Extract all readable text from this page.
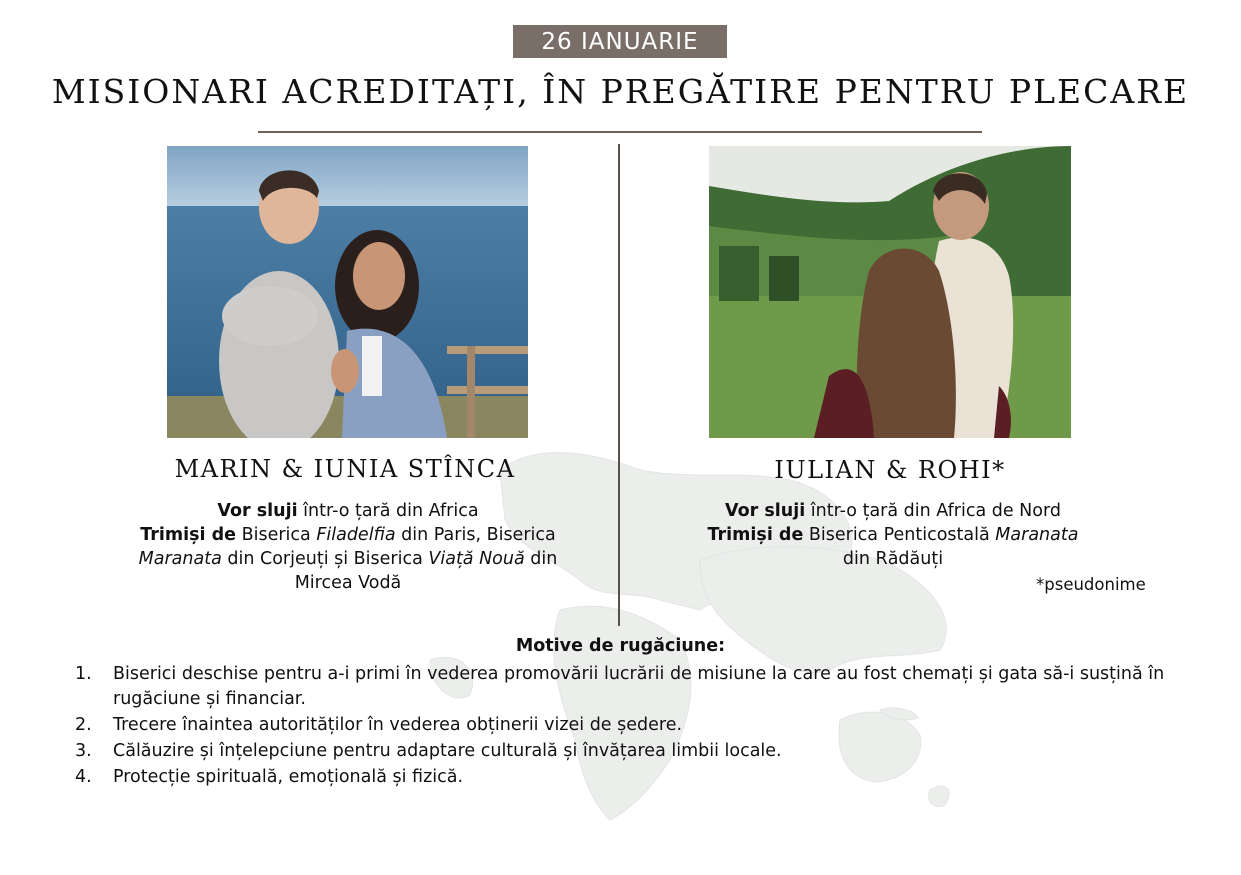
26 IANUARIE
MISIONARI ACREDITAȚI, ÎN PREGĂTIRE PENTRU PLECARE
MARIN & IUNIA STÎNCA	IULIAN & ROHI*

Vor sluji într-o țară din Africa

Trimiși de Biserica Filadelfia din Paris, Biserica Maranata din Corjeuți și Biserica Viață Nouă din Mircea Vodă

Vor sluji într-o țară din Africa de Nord

Trimiși de Biserica Penticostală Maranata
din Rădăuți

*pseudonime
Motive de rugăciune:
1.	Biserici deschise pentru a-i primi în vederea promovării lucrării de misiune la care au fost chemați și gata să-i susțină în rugăciune și financiar.
2.	Trecere înaintea autorităților în vederea obținerii vizei de ședere.
3.	Călăuzire și înțelepciune pentru adaptare culturală și învățarea limbii locale.
4.	Protecție spirituală, emoțională și fizică.
